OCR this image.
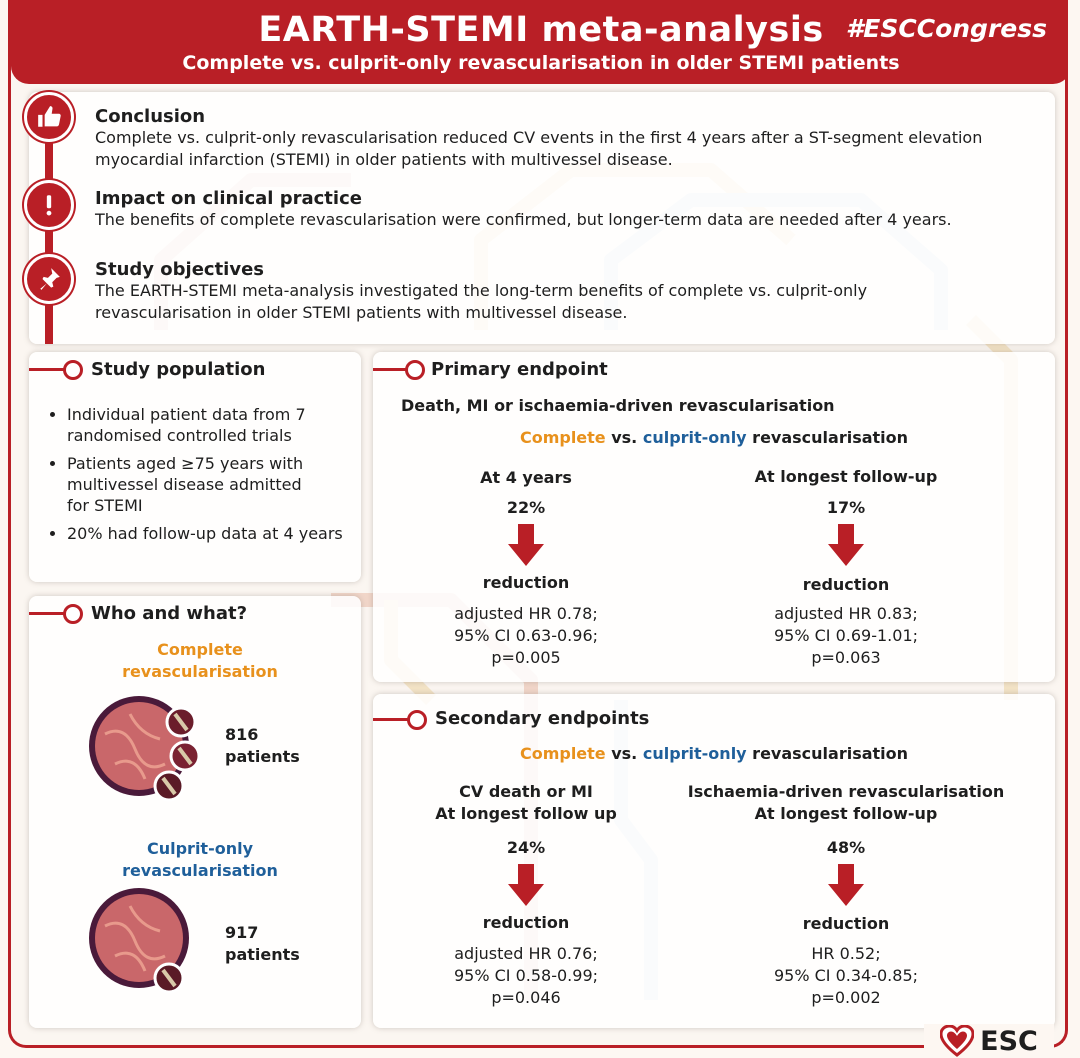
EARTH-STEMI meta-analysis
Complete vs. culprit-only revascularisation in older STEMI patients
#ESCCongress
Conclusion
Complete vs. culprit-only revascularisation reduced CV events in the first 4 years after a ST-segment elevation myocardial infarction (STEMI) in older patients with multivessel disease.
Impact on clinical practice
The benefits of complete revascularisation were confirmed, but longer-term data are needed after 4 years.
Study objectives
The EARTH-STEMI meta-analysis investigated the long-term benefits of complete vs. culprit-only revascularisation in older STEMI patients with multivessel disease.
Study population
• Individual patient data from 7 randomised controlled trials
• Patients aged ≥75 years with multivessel disease admitted for STEMI
• 20% had follow-up data at 4 years
Who and what?
Complete revascularisation
816
patients
Culprit-only revascularisation
917
patients
Primary endpoint
Death, MI or ischaemia-driven revascularisation
Complete vs. culprit-only revascularisation
At 4 years
22%
reduction
adjusted HR 0.78;
95% CI 0.63-0.96;
p=0.005
At longest follow-up
17%
reduction
adjusted HR 0.83;
95% CI 0.69-1.01;
p=0.063
Secondary endpoints
Complete vs. culprit-only revascularisation
CV death or MI
At longest follow up
24%
reduction
adjusted HR 0.76;
95% CI 0.58-0.99;
p=0.046
Ischaemia-driven revascularisation
At longest follow-up
48%
reduction
HR 0.52;
95% CI 0.34-0.85;
p=0.002
ESC
